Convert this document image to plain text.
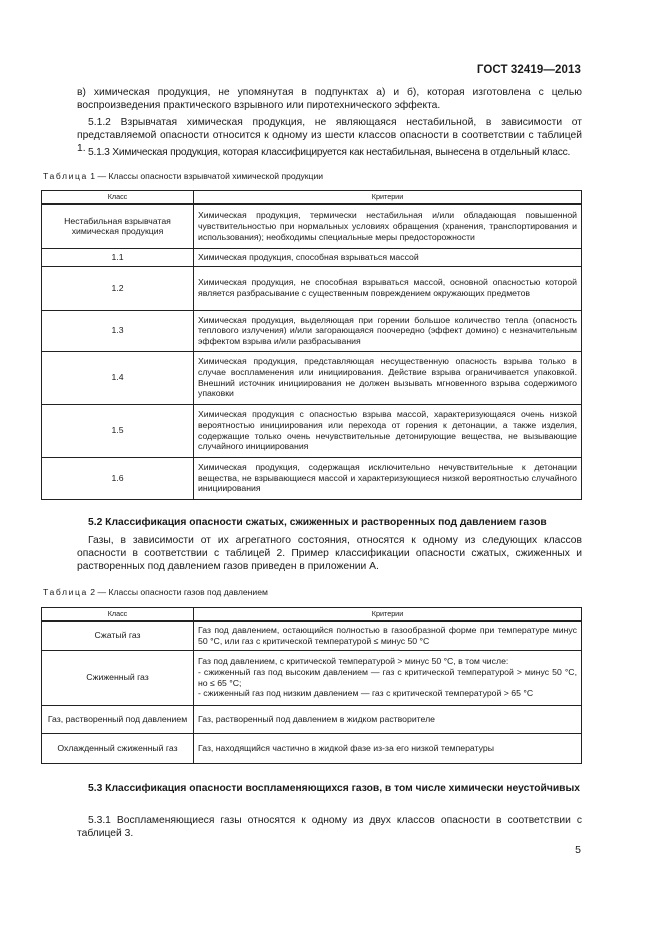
ГОСТ 32419—2013

в) химическая продукция, не упомянутая в подпунктах а) и б), которая изготовлена с целью воспроизведения практического взрывного или пиротехнического эффекта.

5.1.2 Взрывчатая химическая продукция, не являющаяся нестабильной, в зависимости от представляемой опасности относится к одному из шести классов опасности в соответствии с таблицей 1. 5.1.3 Химическая продукция, которая классифицируется как нестабильная, вынесена в отдельный класс.

Таблица 1 — Классы опасности взрывчатой химической продукции
Класс	Критерии
Нестабильная взрывчатая химическая продукция	Химическая продукция, термически нестабильная и/или обладающая повышенной чувствительностью при нормальных условиях обращения (хранения, транспортирования и использования); необходимы специальные меры предосторожности
1.1	Химическая продукция, способная взрываться массой
1.2	Химическая продукция, не способная взрываться массой, основной опасностью которой является разбрасывание с существенным повреждением окружающих предметов
1.3	Химическая продукция, выделяющая при горении большое количество тепла (опасность теплового излучения) и/или загорающаяся поочередно (эффект домино) с незначительным эффектом взрыва и/или разбрасывания
1.4	Химическая продукция, представляющая несущественную опасность взрыва только в случае воспламенения или инициирования. Действие взрыва ограничивается упаковкой. Внешний источник инициирования не должен вызывать мгновенного взрыва содержимого упаковки
1.5	Химическая продукция с опасностью взрыва массой, характеризующаяся очень низкой вероятностью инициирования или перехода от горения к детонации, а также изделия, содержащие только очень нечувствительные детонирующие вещества, не вызывающие случайного инициирования
1.6	Химическая продукция, содержащая исключительно нечувствительные к детонации вещества, не взрывающиеся массой и характеризующиеся низкой вероятностью случайного инициирования

5.2 Классификация опасности сжатых, сжиженных и растворенных под давлением газов

Газы, в зависимости от их агрегатного состояния, относятся к одному из следующих классов опасности в соответствии с таблицей 2. Пример классификации опасности сжатых, сжиженных и растворенных под давлением газов приведен в приложении А.

Таблица 2 — Классы опасности газов под давлением
Класс	Критерии
Сжатый газ	Газ под давлением, остающийся полностью в газообразной форме при температуре минус 50 °С, или газ с критической температурой ≤ минус 50 °С
Сжиженный газ	Газ под давлением, с критической температурой > минус 50 °С, в том числе:
- сжиженный газ под высоким давлением — газ с критической температурой > минус 50 °С, но ≤ 65 °С;
- сжиженный газ под низким давлением — газ с критической температурой > 65 °С

Газ, растворенный под давлением	Газ, растворенный под давлением в жидком растворителе
Охлажденный сжиженный газ	Газ, находящийся частично в жидкой фазе из-за его низкой температуры

5.3 Классификация опасности воспламеняющихся газов, в том числе химически неустойчивых

5.3.1 Воспламеняющиеся газы относятся к одному из двух классов опасности в соответствии с таблицей 3.

5
